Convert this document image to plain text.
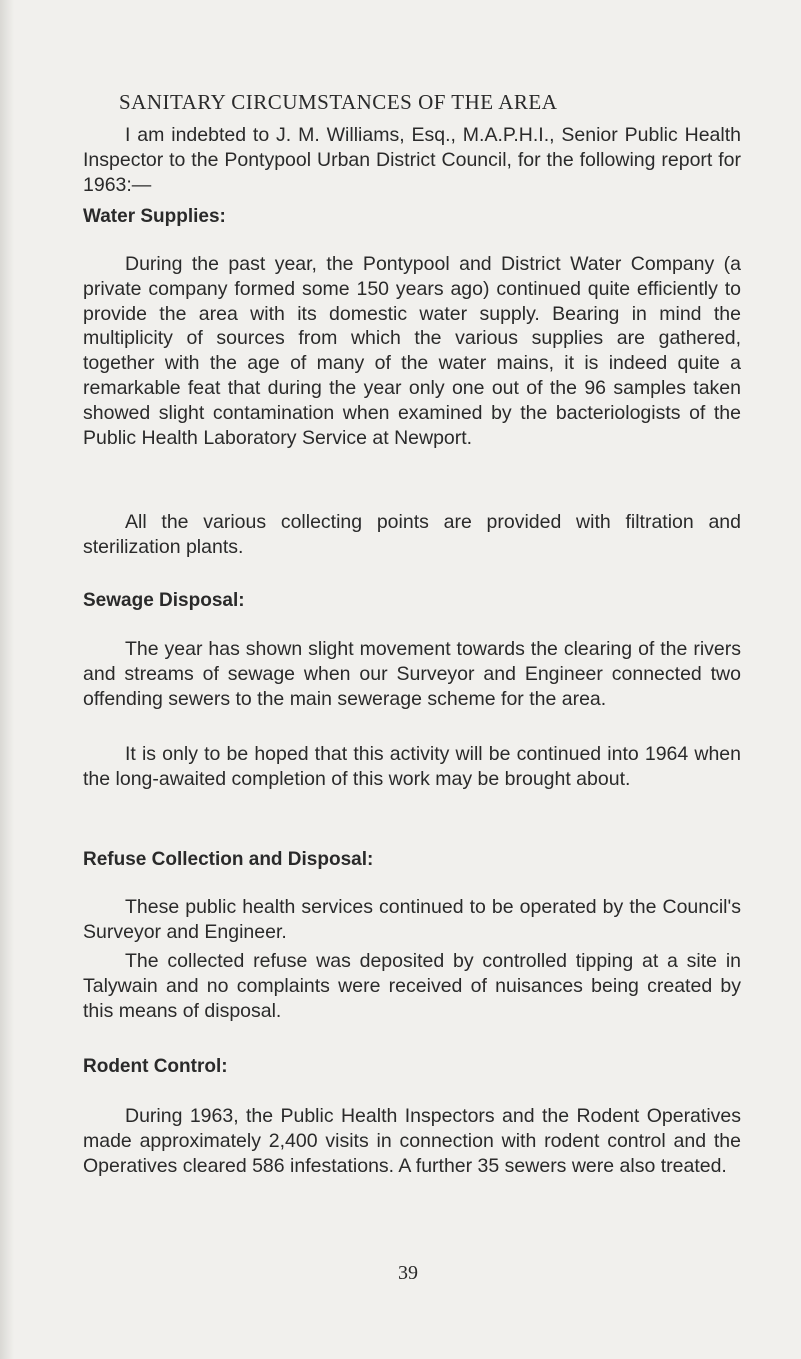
SANITARY CIRCUMSTANCES OF THE AREA

I am indebted to J. M. Williams, Esq., M.A.P.H.I., Senior Public Health Inspector to the Pontypool Urban District Council, for the following report for 1963:—

Water Supplies:

During the past year, the Pontypool and District Water Company (a private company formed some 150 years ago) continued quite efficiently to provide the area with its domestic water supply. Bearing in mind the multiplicity of sources from which the various supplies are gathered, together with the age of many of the water mains, it is indeed quite a remarkable feat that during the year only one out of the 96 samples taken showed slight contamination when examined by the bacteriologists of the Public Health Laboratory Service at Newport.

All the various collecting points are provided with filtration and sterilization plants.

Sewage Disposal:

The year has shown slight movement towards the clearing of the rivers and streams of sewage when our Surveyor and Engineer connected two offending sewers to the main sewerage scheme for the area.

It is only to be hoped that this activity will be continued into 1964 when the long-awaited completion of this work may be brought about.

Refuse Collection and Disposal:

These public health services continued to be operated by the Council's Surveyor and Engineer.

The collected refuse was deposited by controlled tipping at a site in Talywain and no complaints were received of nuisances being created by this means of disposal.

Rodent Control:

During 1963, the Public Health Inspectors and the Rodent Operatives made approximately 2,400 visits in connection with rodent control and the Operatives cleared 586 infestations. A further 35 sewers were also treated.

39
